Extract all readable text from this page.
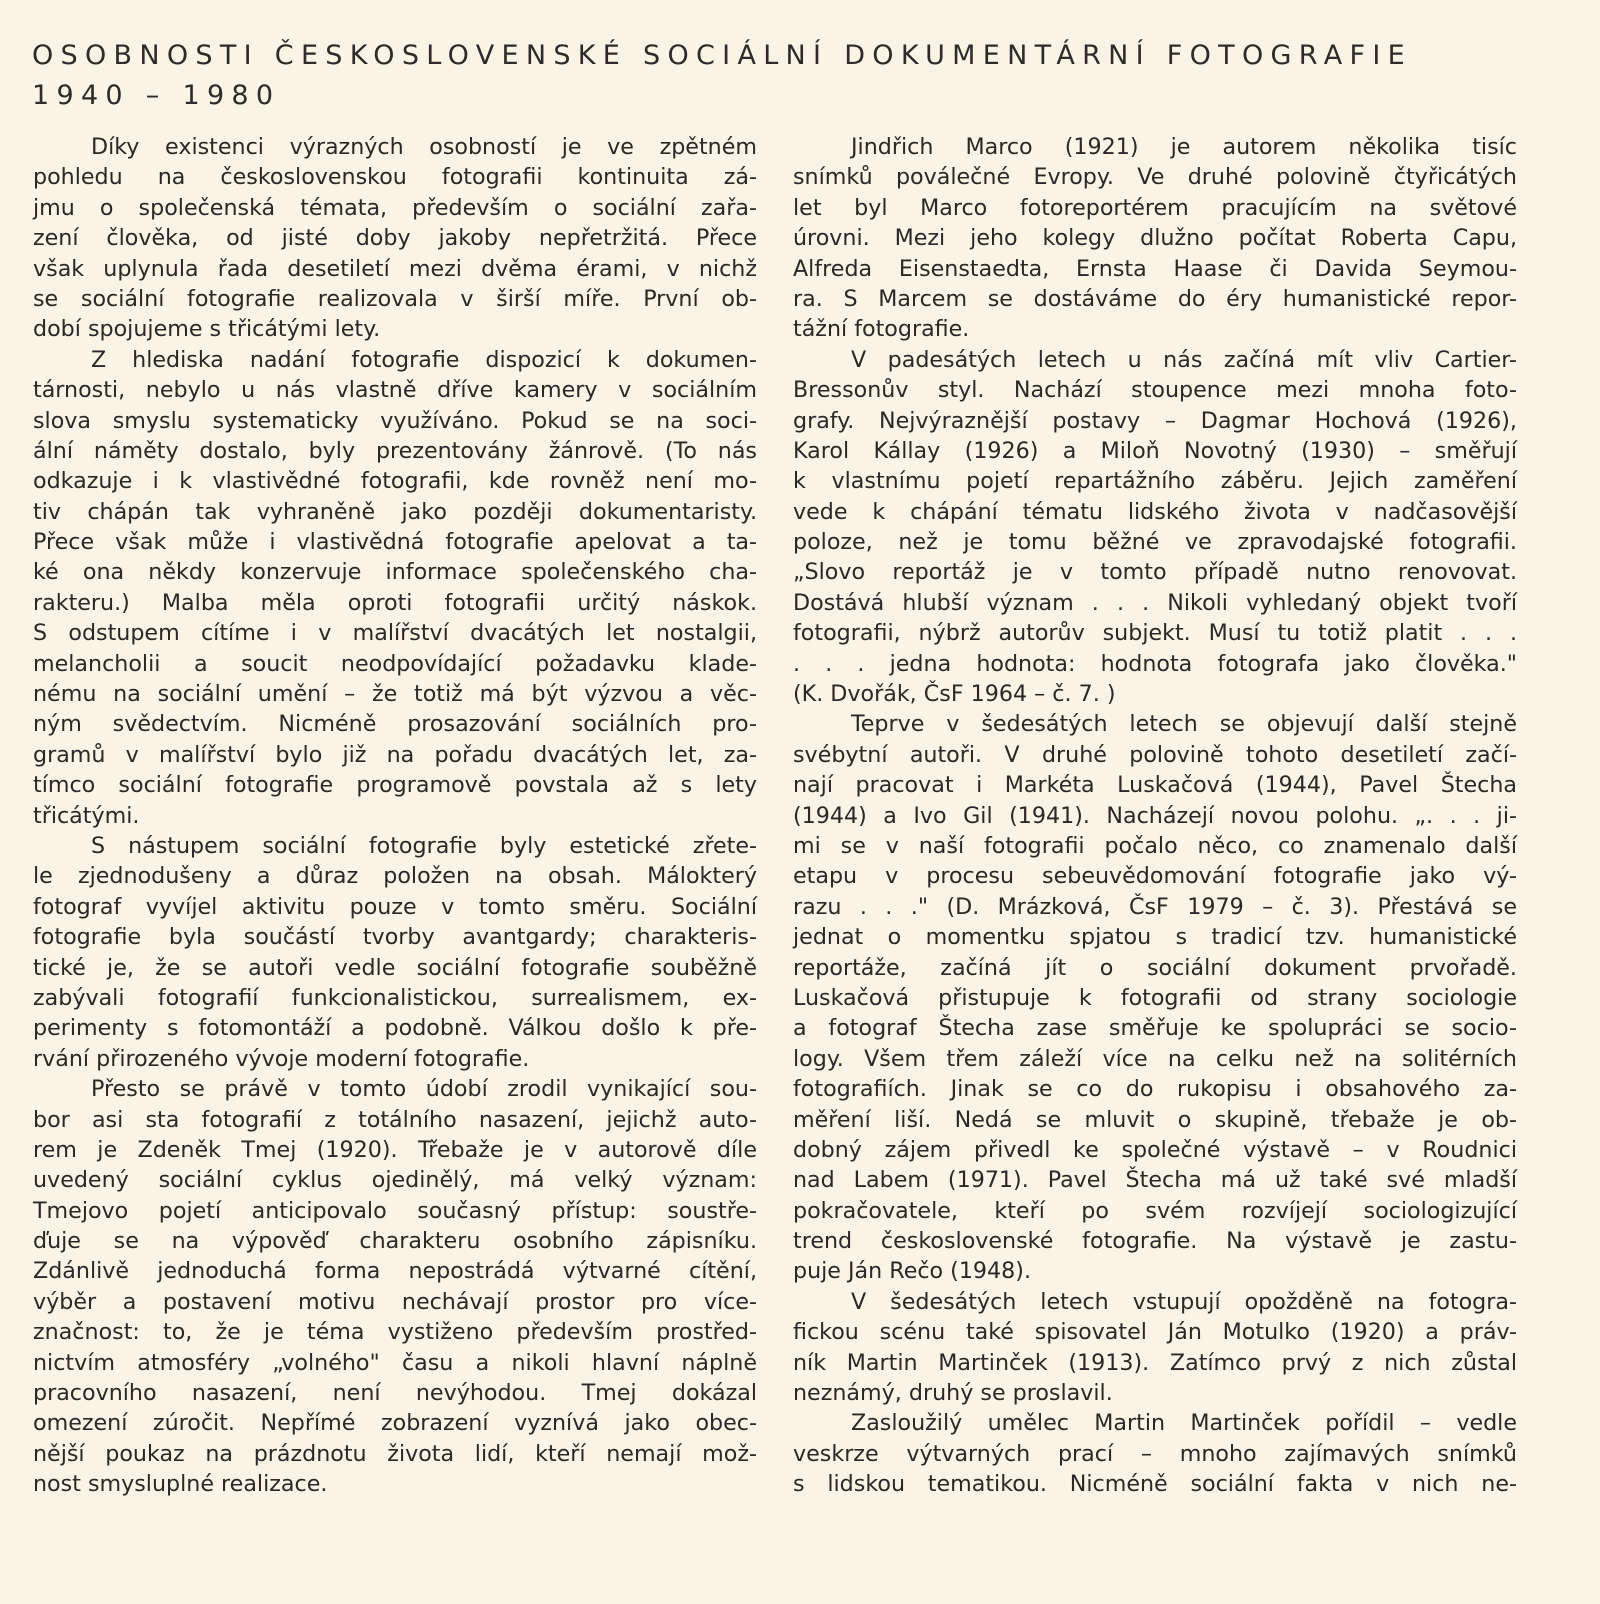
OSOBNOSTI ČESKOSLOVENSKÉ SOCIÁLNÍ DOKUMENTÁRNÍ FOTOGRAFIE
1940 – 1980
Díky existenci výrazných osobností je ve zpětném
pohledu na československou fotografii kontinuita zá-
jmu o společenská témata, především o sociální zařa-
zení člověka, od jisté doby jakoby nepřetržitá. Přece
však uplynula řada desetiletí mezi dvěma érami, v nichž
se sociální fotografie realizovala v širší míře. První ob-
dobí spojujeme s třicátými lety.
Z hlediska nadání fotografie dispozicí k dokumen-
tárnosti, nebylo u nás vlastně dříve kamery v sociálním
slova smyslu systematicky využíváno. Pokud se na soci-
ální náměty dostalo, byly prezentovány žánrově. (To nás
odkazuje i k vlastivědné fotografii, kde rovněž není mo-
tiv chápán tak vyhraněně jako později dokumentaristy.
Přece však může i vlastivědná fotografie apelovat a ta-
ké ona někdy konzervuje informace společenského cha-
rakteru.) Malba měla oproti fotografii určitý náskok.
S odstupem cítíme i v malířství dvacátých let nostalgii,
melancholii a soucit neodpovídající požadavku klade-
nému na sociální umění – že totiž má být výzvou a věc-
ným svědectvím. Nicméně prosazování sociálních pro-
gramů v malířství bylo již na pořadu dvacátých let, za-
tímco sociální fotografie programově povstala až s lety
třicátými.
S nástupem sociální fotografie byly estetické zřete-
le zjednodušeny a důraz položen na obsah. Málokterý
fotograf vyvíjel aktivitu pouze v tomto směru. Sociální
fotografie byla součástí tvorby avantgardy; charakteris-
tické je, že se autoři vedle sociální fotografie souběžně
zabývali fotografií funkcionalistickou, surrealismem, ex-
perimenty s fotomontáží a podobně. Válkou došlo k pře-
rvání přirozeného vývoje moderní fotografie.
Přesto se právě v tomto údobí zrodil vynikající sou-
bor asi sta fotografií z totálního nasazení, jejichž auto-
rem je Zdeněk Tmej (1920). Třebaže je v autorově díle
uvedený sociální cyklus ojedinělý, má velký význam:
Tmejovo pojetí anticipovalo současný přístup: soustře-
ďuje se na výpověď charakteru osobního zápisníku.
Zdánlivě jednoduchá forma nepostrádá výtvarné cítění,
výběr a postavení motivu nechávají prostor pro více-
značnost: to, že je téma vystiženo především prostřed-
nictvím atmosféry „volného" času a nikoli hlavní náplně
pracovního nasazení, není nevýhodou. Tmej dokázal
omezení zúročit. Nepřímé zobrazení vyznívá jako obec-
nější poukaz na prázdnotu života lidí, kteří nemají mož-
nost smysluplné realizace.
Jindřich Marco (1921) je autorem několika tisíc
snímků poválečné Evropy. Ve druhé polovině čtyřicátých
let byl Marco fotoreportérem pracujícím na světové
úrovni. Mezi jeho kolegy dlužno počítat Roberta Capu,
Alfreda Eisenstaedta, Ernsta Haase či Davida Seymou-
ra. S Marcem se dostáváme do éry humanistické repor-
tážní fotografie.
V padesátých letech u nás začíná mít vliv Cartier-
Bressonův styl. Nachází stoupence mezi mnoha foto-
grafy. Nejvýraznější postavy – Dagmar Hochová (1926),
Karol Kállay (1926) a Miloň Novotný (1930) – směřují
k vlastnímu pojetí repartážního záběru. Jejich zaměření
vede k chápání tématu lidského života v nadčasovější
poloze, než je tomu běžné ve zpravodajské fotografii.
„Slovo reportáž je v tomto případě nutno renovovat.
Dostává hlubší význam . . . Nikoli vyhledaný objekt tvoří
fotografii, nýbrž autorův subjekt. Musí tu totiž platit . . .
. . . jedna hodnota: hodnota fotografa jako člověka."
(K. Dvořák, ČsF 1964 – č. 7. )
Teprve v šedesátých letech se objevují další stejně
svébytní autoři. V druhé polovině tohoto desetiletí začí-
nají pracovat i Markéta Luskačová (1944), Pavel Štecha
(1944) a Ivo Gil (1941). Nacházejí novou polohu. „. . . ji-
mi se v naší fotografii počalo něco, co znamenalo další
etapu v procesu sebeuvědomování fotografie jako vý-
razu . . ." (D. Mrázková, ČsF 1979 – č. 3). Přestává se
jednat o momentku spjatou s tradicí tzv. humanistické
reportáže, začíná jít o sociální dokument prvořadě.
Luskačová přistupuje k fotografii od strany sociologie
a fotograf Štecha zase směřuje ke spolupráci se socio-
logy. Všem třem záleží více na celku než na solitérních
fotografiích. Jinak se co do rukopisu i obsahového za-
měření liší. Nedá se mluvit o skupině, třebaže je ob-
dobný zájem přivedl ke společné výstavě – v Roudnici
nad Labem (1971). Pavel Štecha má už také své mladší
pokračovatele, kteří po svém rozvíjejí sociologizující
trend československé fotografie. Na výstavě je zastu-
puje Ján Rečo (1948).
V šedesátých letech vstupují opožděně na fotogra-
fickou scénu také spisovatel Ján Motulko (1920) a práv-
ník Martin Martinček (1913). Zatímco prvý z nich zůstal
neznámý, druhý se proslavil.
Zasloužilý umělec Martin Martinček pořídil – vedle
veskrze výtvarných prací – mnoho zajímavých snímků
s lidskou tematikou. Nicméně sociální fakta v nich ne-
